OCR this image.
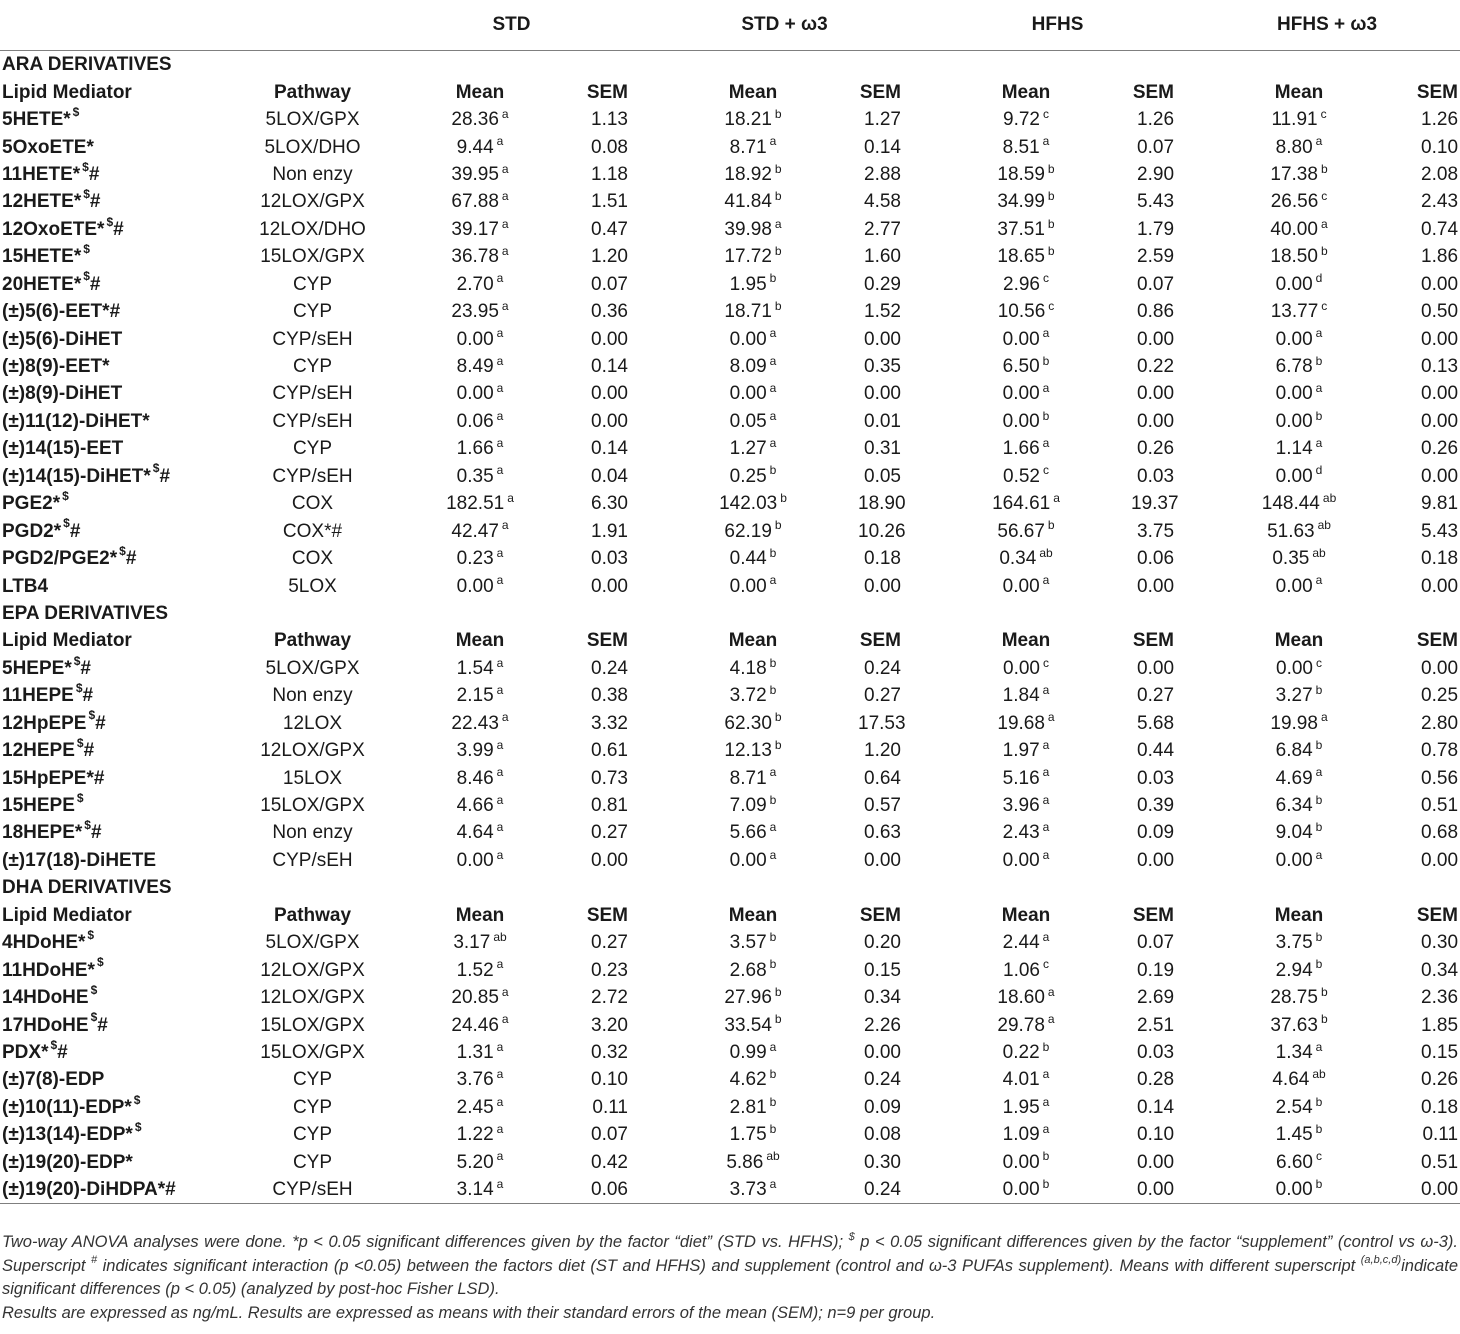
		STD		STD + ω3		HFHS		HFHS + ω3	
ARA DERIVATIVES									
Lipid Mediator	Pathway	Mean	SEM	Mean	SEM	Mean	SEM	Mean	SEM
5HETE* $	5LOX/GPX	28.36 $^a$	1.13	18.21 $^b$	1.27	9.72 $^c$	1.26	11.91 $^c$	1.26
5OxoETE*	5LOX/DHO	9.44 $^a$	0.08	8.71 $^a$	0.14	8.51 $^a$	0.07	8.80 $^a$	0.10
11HETE* $#	Non enzy	39.95 $^a$	1.18	18.92 $^b$	2.88	18.59 $^b$	2.90	17.38 $^b$	2.08
12HETE* $#	12LOX/GPX	67.88 $^a$	1.51	41.84 $^b$	4.58	34.99 $^b$	5.43	26.56 $^c$	2.43
12OxoETE* $#	12LOX/DHO	39.17 $^a$	0.47	39.98 $^a$	2.77	37.51 $^b$	1.79	40.00 $^a$	0.74
15HETE* $	15LOX/GPX	36.78 $^a$	1.20	17.72 $^b$	1.60	18.65 $^b$	2.59	18.50 $^b$	1.86
20HETE* $#	CYP	2.70 $^a$	0.07	1.95 $^b$	0.29	2.96 $^c$	0.07	0.00 $^d$	0.00
(±)5(6)-EET*#	CYP	23.95 $^a$	0.36	18.71 $^b$	1.52	10.56 $^c$	0.86	13.77 $^c$	0.50
(±)5(6)-DiHET	CYP/sEH	0.00 $^a$	0.00	0.00 $^a$	0.00	0.00 $^a$	0.00	0.00 $^a$	0.00
(±)8(9)-EET*	CYP	8.49 $^a$	0.14	8.09 $^a$	0.35	6.50 $^b$	0.22	6.78 $^b$	0.13
(±)8(9)-DiHET	CYP/sEH	0.00 $^a$	0.00	0.00 $^a$	0.00	0.00 $^a$	0.00	0.00 $^a$	0.00
(±)11(12)-DiHET*	CYP/sEH	0.06 $^a$	0.00	0.05 $^a$	0.01	0.00 $^b$	0.00	0.00 $^b$	0.00
(±)14(15)-EET	CYP	1.66 $^a$	0.14	1.27 $^a$	0.31	1.66 $^a$	0.26	1.14 $^a$	0.26
(±)14(15)-DiHET* $#	CYP/sEH	0.35 $^a$	0.04	0.25 $^b$	0.05	0.52 $^c$	0.03	0.00 $^d$	0.00
PGE2* $	COX	182.51 $^a$	6.30	142.03 $^b$	18.90	164.61 $^a$	19.37	148.44 $^{ab}$	9.81
PGD2* $#	COX*#	42.47 $^a$	1.91	62.19 $^b$	10.26	56.67 $^b$	3.75	51.63 $^{ab}$	5.43
PGD2/PGE2* $#	COX	0.23 $^a$	0.03	0.44 $^b$	0.18	0.34 $^{ab}$	0.06	0.35 $^{ab}$	0.18
LTB4	5LOX	0.00 $^a$	0.00	0.00 $^a$	0.00	0.00 $^a$	0.00	0.00 $^a$	0.00
EPA DERIVATIVES									
Lipid Mediator	Pathway	Mean	SEM	Mean	SEM	Mean	SEM	Mean	SEM
5HEPE* $#	5LOX/GPX	1.54 $^a$	0.24	4.18 $^b$	0.24	0.00 $^c$	0.00	0.00 $^c$	0.00
11HEPE $#	Non enzy	2.15 $^a$	0.38	3.72 $^b$	0.27	1.84 $^a$	0.27	3.27 $^b$	0.25
12HpEPE $#	12LOX	22.43 $^a$	3.32	62.30 $^b$	17.53	19.68 $^a$	5.68	19.98 $^a$	2.80
12HEPE $#	12LOX/GPX	3.99 $^a$	0.61	12.13 $^b$	1.20	1.97 $^a$	0.44	6.84 $^b$	0.78
15HpEPE*#	15LOX	8.46 $^a$	0.73	8.71 $^a$	0.64	5.16 $^a$	0.03	4.69 $^a$	0.56
15HEPE $	15LOX/GPX	4.66 $^a$	0.81	7.09 $^b$	0.57	3.96 $^a$	0.39	6.34 $^b$	0.51
18HEPE* $#	Non enzy	4.64 $^a$	0.27	5.66 $^a$	0.63	2.43 $^a$	0.09	9.04 $^b$	0.68
(±)17(18)-DiHETE	CYP/sEH	0.00 $^a$	0.00	0.00 $^a$	0.00	0.00 $^a$	0.00	0.00 $^a$	0.00
DHA DERIVATIVES									
Lipid Mediator	Pathway	Mean	SEM	Mean	SEM	Mean	SEM	Mean	SEM
4HDoHE* $	5LOX/GPX	3.17 $^{ab}$	0.27	3.57 $^b$	0.20	2.44 $^a$	0.07	3.75 $^b$	0.30
11HDoHE* $	12LOX/GPX	1.52 $^a$	0.23	2.68 $^b$	0.15	1.06 $^c$	0.19	2.94 $^b$	0.34
14HDoHE $	12LOX/GPX	20.85 $^a$	2.72	27.96 $^b$	0.34	18.60 $^a$	2.69	28.75 $^b$	2.36
17HDoHE $#	15LOX/GPX	24.46 $^a$	3.20	33.54 $^b$	2.26	29.78 $^a$	2.51	37.63 $^b$	1.85
PDX* $#	15LOX/GPX	1.31 $^a$	0.32	0.99 $^a$	0.00	0.22 $^b$	0.03	1.34 $^a$	0.15
(±)7(8)-EDP	CYP	3.76 $^a$	0.10	4.62 $^b$	0.24	4.01 $^a$	0.28	4.64 $^{ab}$	0.26
(±)10(11)-EDP* $	CYP	2.45 $^a$	0.11	2.81 $^b$	0.09	1.95 $^a$	0.14	2.54 $^b$	0.18
(±)13(14)-EDP* $	CYP	1.22 $^a$	0.07	1.75 $^b$	0.08	1.09 $^a$	0.10	1.45 $^b$	0.11
(±)19(20)-EDP*	CYP	5.20 $^a$	0.42	5.86 $^{ab}$	0.30	0.00 $^b$	0.00	6.60 $^c$	0.51
(±)19(20)-DiHDPA*#	CYP/sEH	3.14 $^a$	0.06	3.73 $^a$	0.24	0.00 $^b$	0.00	0.00 $^b$	0.00

Two-way ANOVA analyses were done. *p < 0.05 significant differences given by the factor “diet” (STD vs. HFHS); $ p < 0.05 significant differences given by the factor “supplement” (control vs ω-3). Superscript # indicates significant interaction (p <0.05) between the factors diet (ST and HFHS) and supplement (control and ω-3 PUFAs supplement). Means with different superscript $^{(a,b,c,d)}$indicate significant differences (p < 0.05) (analyzed by post-hoc Fisher LSD).

Results are expressed as ng/mL. Results are expressed as means with their standard errors of the mean (SEM); n=9 per group.
